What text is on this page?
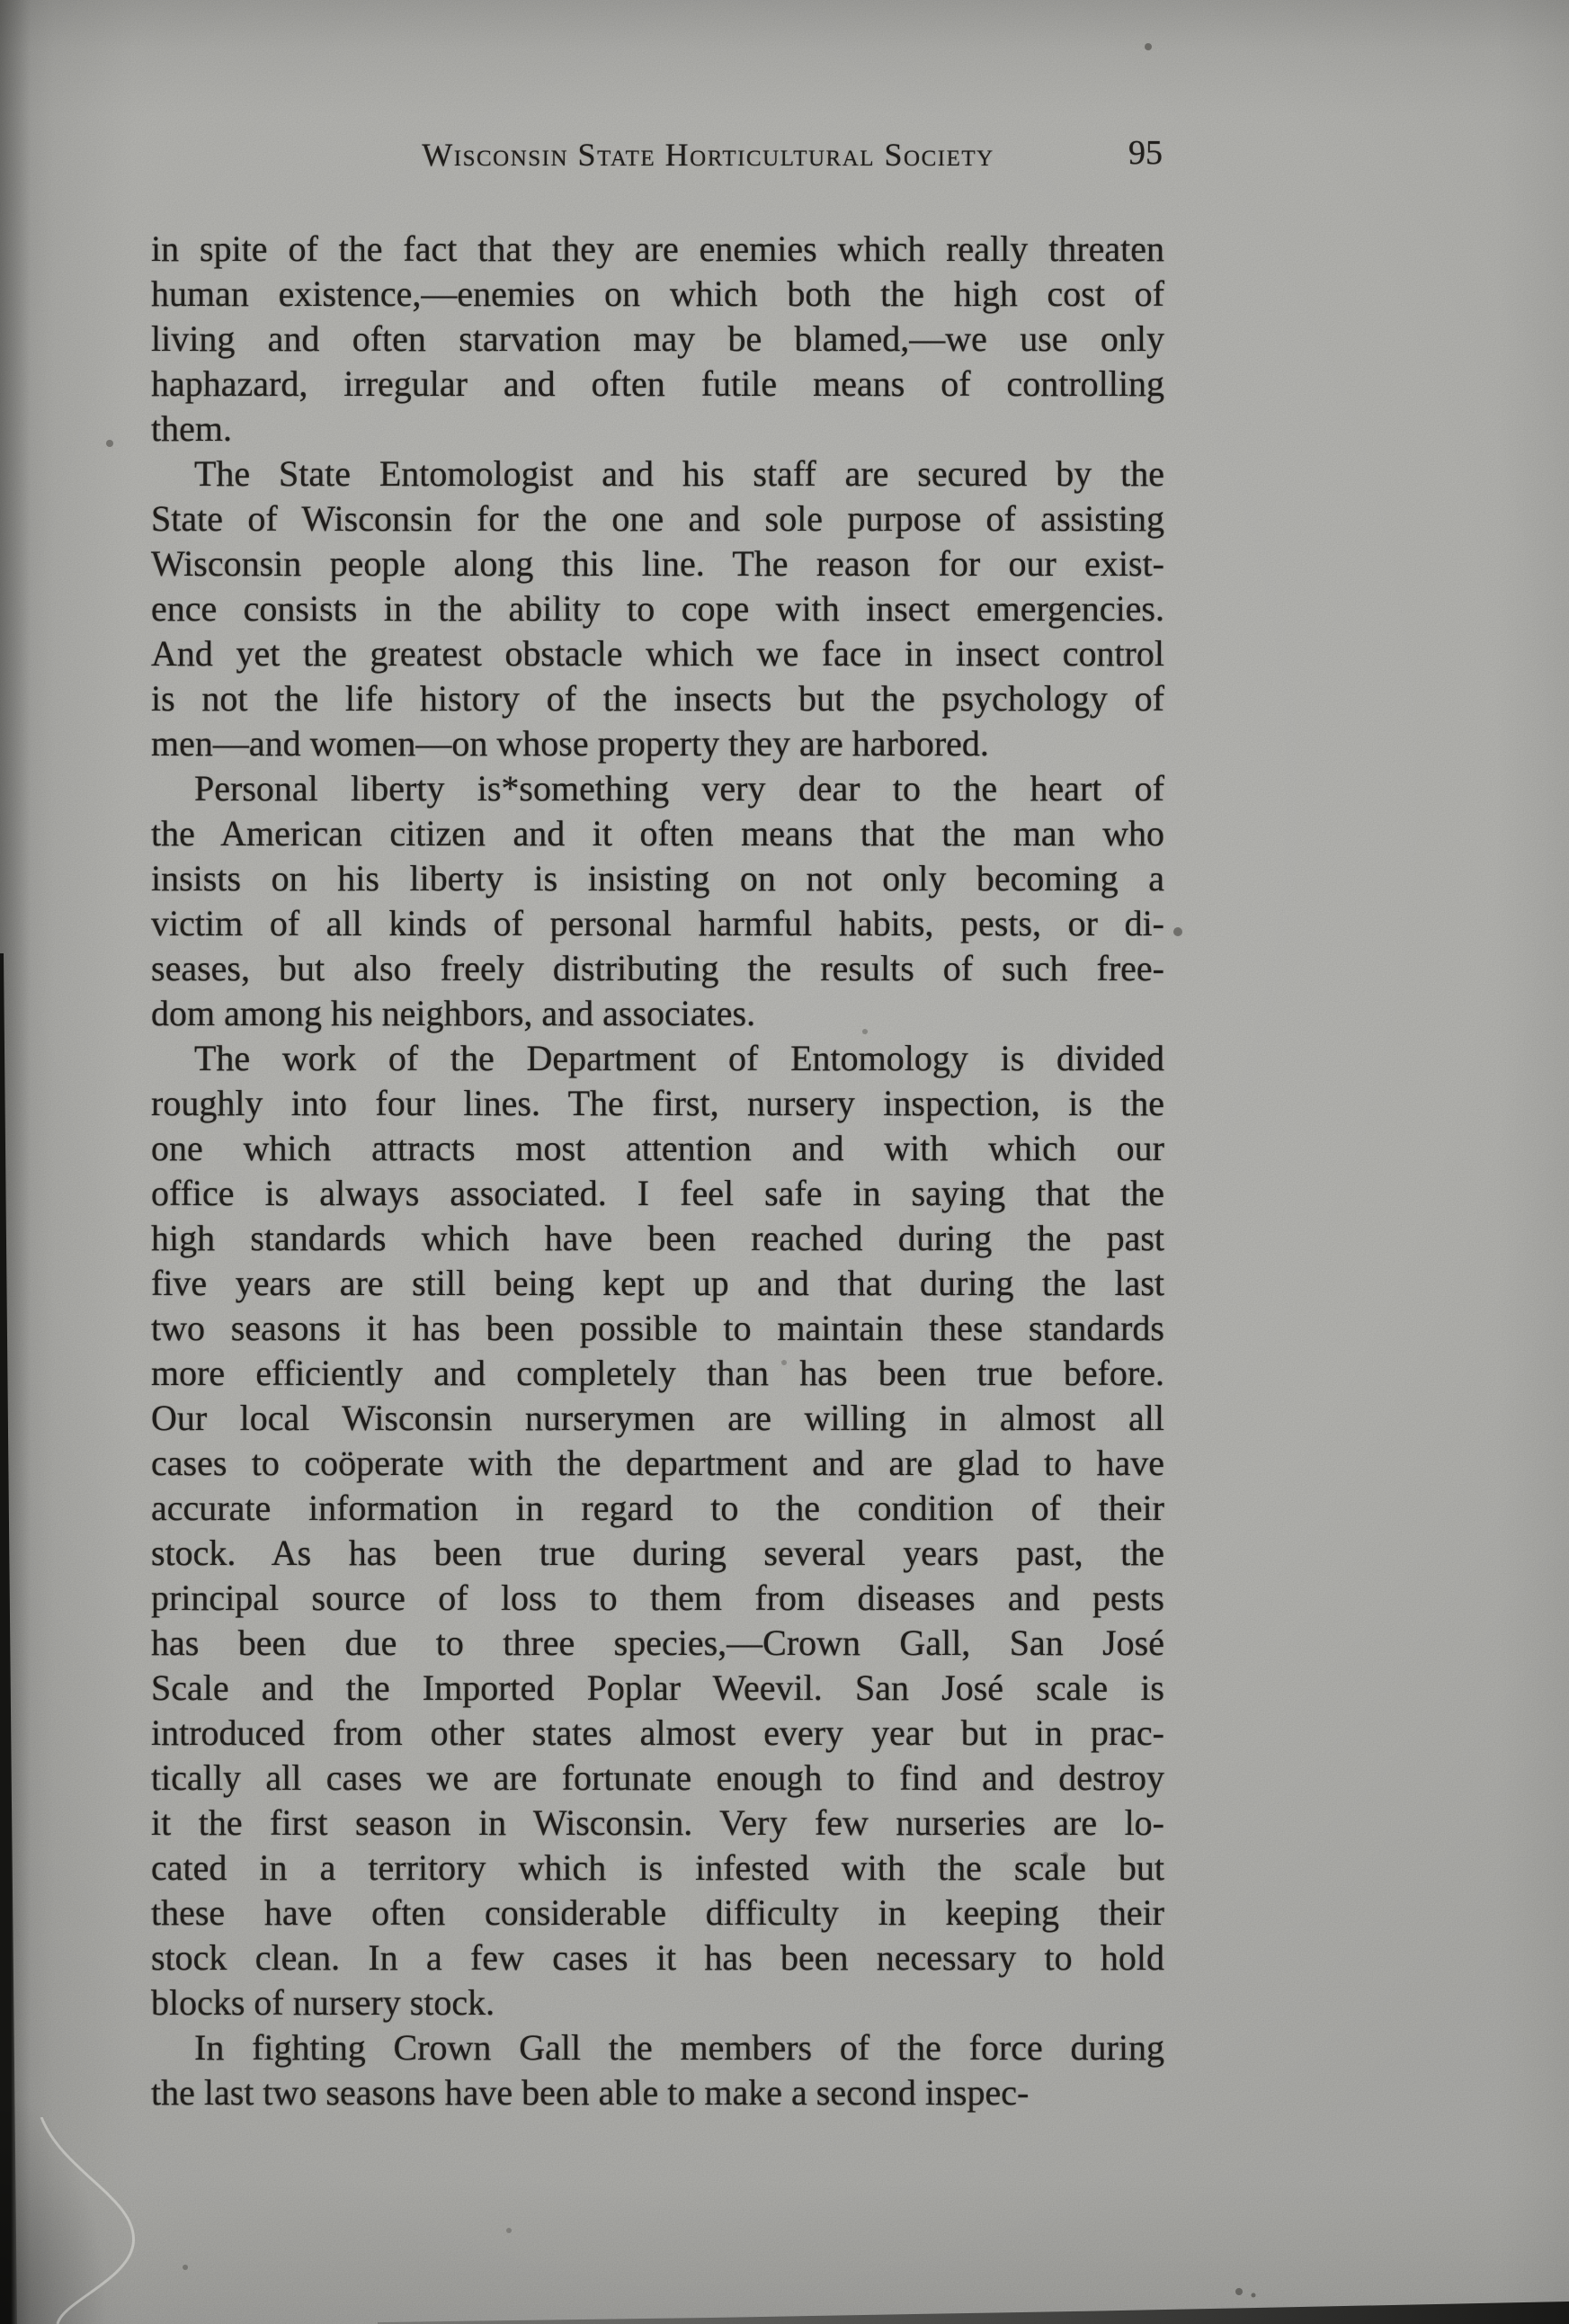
Wisconsin State Horticultural Society	95
in spite of the fact that they are enemies which really threaten
human existence,—enemies on which both the high cost of
living and often starvation may be blamed,—we use only
haphazard, irregular and often futile means of controlling
them.
The State Entomologist and his staff are secured by the
State of Wisconsin for the one and sole purpose of assisting
Wisconsin people along this line. The reason for our exist-
ence consists in the ability to cope with insect emergencies.
And yet the greatest obstacle which we face in insect control
is not the life history of the insects but the psychology of
men—and women—on whose property they are harbored.
Personal liberty is*something very dear to the heart of
the American citizen and it often means that the man who
insists on his liberty is insisting on not only becoming a
victim of all kinds of personal harmful habits, pests, or di-
seases, but also freely distributing the results of such free-
dom among his neighbors, and associates.
The work of the Department of Entomology is divided
roughly into four lines. The first, nursery inspection, is the
one which attracts most attention and with which our
office is always associated. I feel safe in saying that the
high standards which have been reached during the past
five years are still being kept up and that during the last
two seasons it has been possible to maintain these standards
more efficiently and completely than has been true before.
Our local Wisconsin nurserymen are willing in almost all
cases to coöperate with the department and are glad to have
accurate information in regard to the condition of their
stock. As has been true during several years past, the
principal source of loss to them from diseases and pests
has been due to three species,—Crown Gall, San José
Scale and the Imported Poplar Weevil. San José scale is
introduced from other states almost every year but in prac-
tically all cases we are fortunate enough to find and destroy
it the first season in Wisconsin. Very few nurseries are lo-
cated in a territory which is infested with the scale but
these have often considerable difficulty in keeping their
stock clean. In a few cases it has been necessary to hold
blocks of nursery stock.
In fighting Crown Gall the members of the force during
the last two seasons have been able to make a second inspec-
